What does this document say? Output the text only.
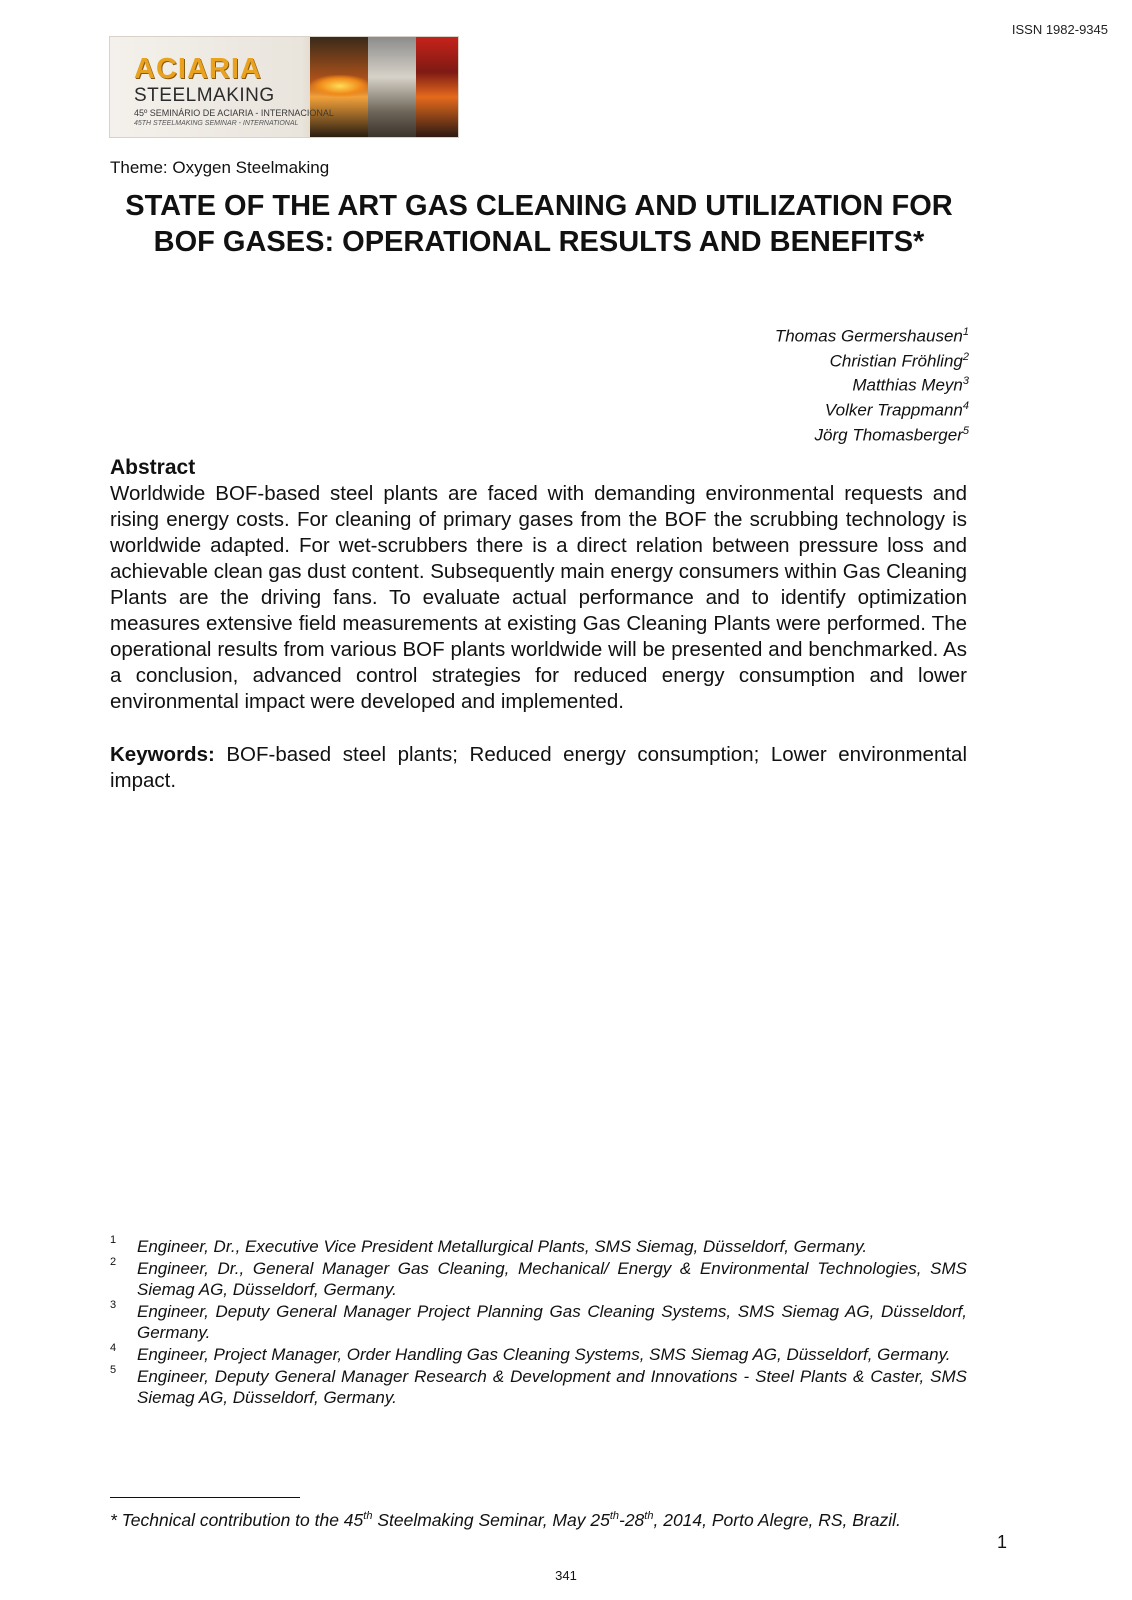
ISSN 1982-9345
ACIARIA
STEELMAKING
45º SEMINÁRIO DE ACIARIA - INTERNACIONAL
45TH STEELMAKING SEMINAR - INTERNATIONAL
Theme: Oxygen Steelmaking
STATE OF THE ART GAS CLEANING AND UTILIZATION FOR BOF GASES: OPERATIONAL RESULTS AND BENEFITS*
Thomas Germershausen$^1$
Christian Fröhling$^2$
Matthias Meyn$^3$
Volker Trappmann$^4$
Jörg Thomasberger$^5$
Abstract
Worldwide BOF-based steel plants are faced with demanding environmental requests and rising energy costs. For cleaning of primary gases from the BOF the scrubbing technology is worldwide adapted. For wet-scrubbers there is a direct relation between pressure loss and achievable clean gas dust content. Subsequently main energy consumers within Gas Cleaning Plants are the driving fans. To evaluate actual performance and to identify optimization measures extensive field measurements at existing Gas Cleaning Plants were performed. The operational results from various BOF plants worldwide will be presented and benchmarked. As a conclusion, advanced control strategies for reduced energy consumption and lower environmental impact were developed and implemented.
Keywords: BOF-based steel plants; Reduced energy consumption; Lower environmental impact.
1 Engineer, Dr., Executive Vice President Metallurgical Plants, SMS Siemag, Düsseldorf, Germany.
2 Engineer, Dr., General Manager Gas Cleaning, Mechanical/ Energy & Environmental Technologies, SMS Siemag AG, Düsseldorf, Germany.
3 Engineer, Deputy General Manager Project Planning Gas Cleaning Systems, SMS Siemag AG, Düsseldorf, Germany.
4 Engineer, Project Manager, Order Handling Gas Cleaning Systems, SMS Siemag AG, Düsseldorf, Germany.
5 Engineer, Deputy General Manager Research & Development and Innovations - Steel Plants & Caster, SMS Siemag AG, Düsseldorf, Germany.
* Technical contribution to the 45th Steelmaking Seminar, May 25th-28th, 2014, Porto Alegre, RS, Brazil.
1
341
